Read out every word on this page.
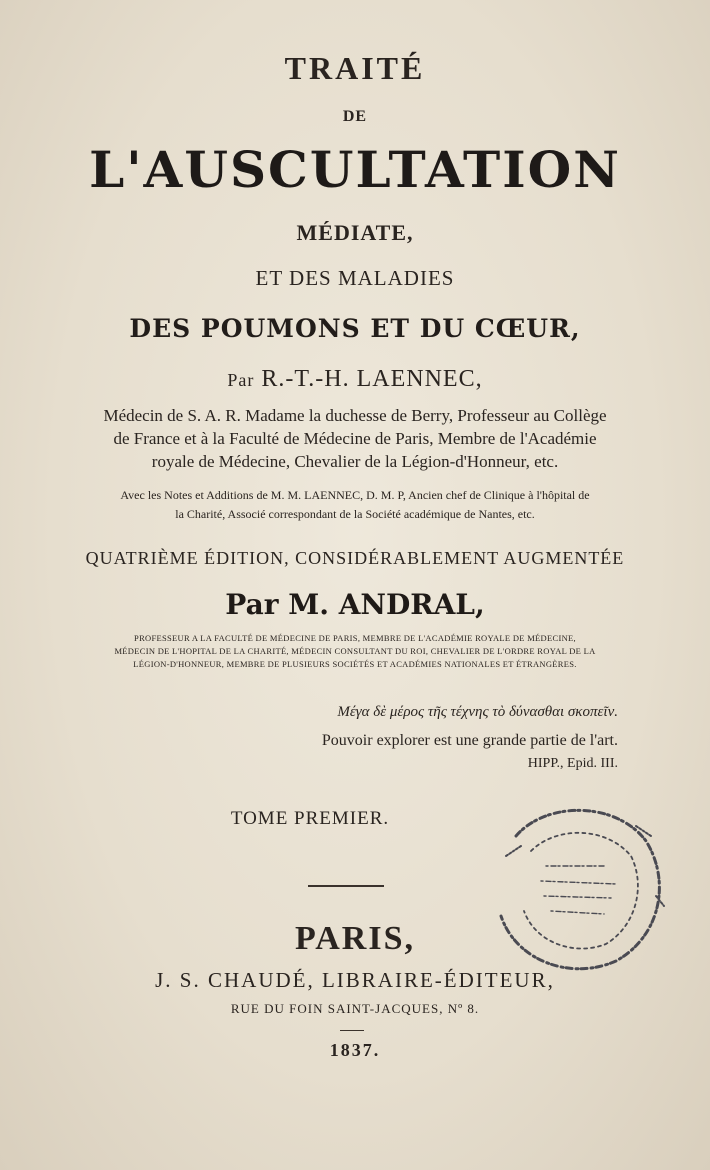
TRAITÉ
DE
L'AUSCULTATION
MÉDIATE,
ET DES MALADIES
DES POUMONS ET DU CŒUR,
Par R.-T.-H. LAENNEC,
Médecin de S. A. R. Madame la duchesse de Berry, Professeur au Collège
de France et à la Faculté de Médecine de Paris, Membre de l'Académie
royale de Médecine, Chevalier de la Légion-d'Honneur, etc.
Avec les Notes et Additions de M. M. LAENNEC, D. M. P, Ancien chef de Clinique à l'hôpital de
la Charité, Associé correspondant de la Société académique de Nantes, etc.
QUATRIÈME ÉDITION, CONSIDÉRABLEMENT AUGMENTÉE
Par M. ANDRAL,
PROFESSEUR A LA FACULTÉ DE MÉDECINE DE PARIS, MEMBRE DE L'ACADÉMIE ROYALE DE MÉDECINE,
MÉDECIN DE L'HOPITAL DE LA CHARITÉ, MÉDECIN CONSULTANT DU ROI, CHEVALIER DE L'ORDRE ROYAL DE LA
LÉGION-D'HONNEUR, MEMBRE DE PLUSIEURS SOCIÉTÉS ET ACADÉMIES NATIONALES ET ÉTRANGÈRES.
Μέγα δὲ μέρος τῆς τέχνης τὸ δύνασθαι σκοπεῖν.
Pouvoir explorer est une grande partie de l'art.
HIPP., Epid. III.
TOME PREMIER.
PARIS,
J. S. CHAUDÉ, LIBRAIRE-ÉDITEUR,
RUE DU FOIN SAINT-JACQUES, Nº 8.
1837.
